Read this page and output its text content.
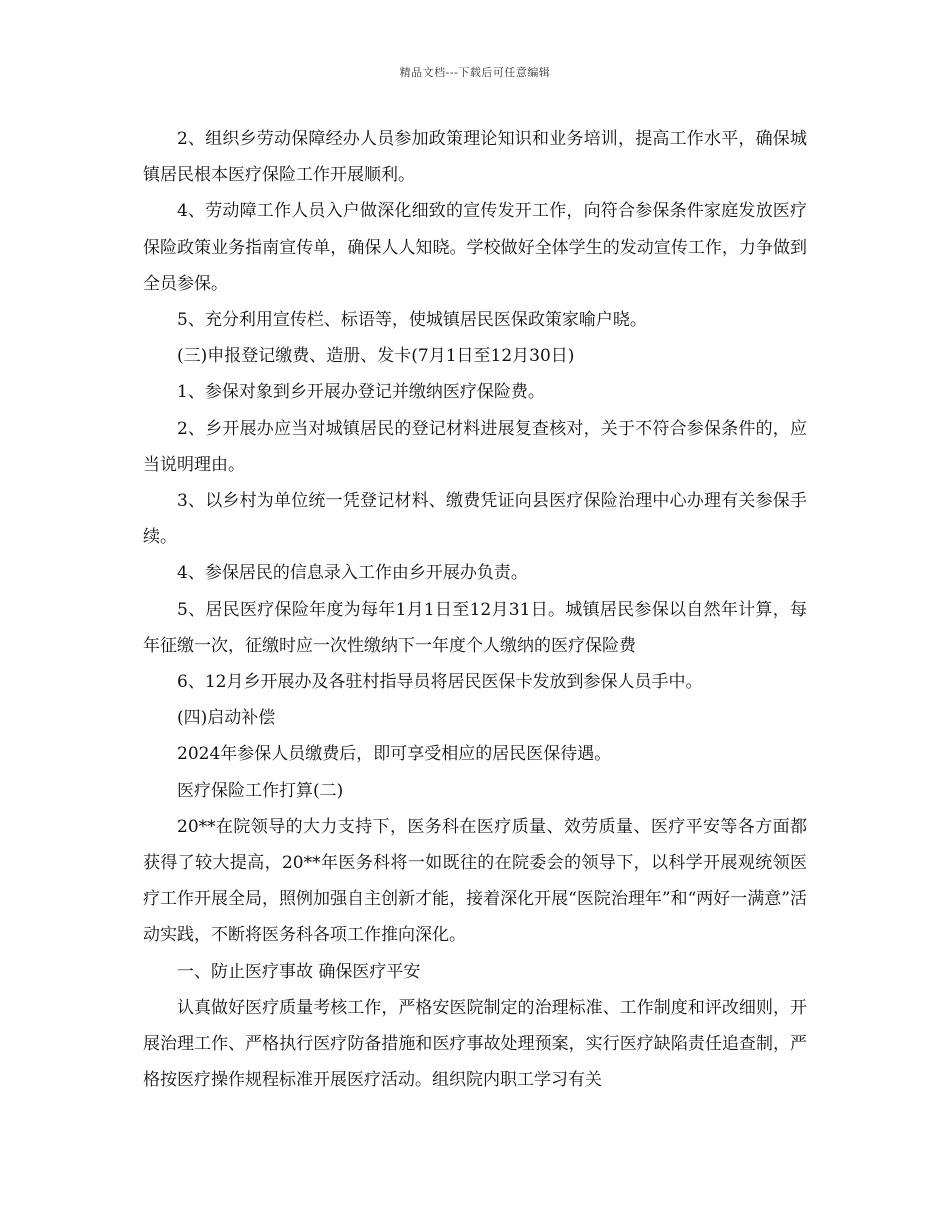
精品文档---下载后可任意编辑

2、组织乡劳动保障经办人员参加政策理论知识和业务培训，提高工作水平，确保城镇居民根本医疗保险工作开展顺利。

4、劳动障工作人员入户做深化细致的宣传发开工作，向符合参保条件家庭发放医疗保险政策业务指南宣传单，确保人人知晓。学校做好全体学生的发动宣传工作，力争做到全员参保。

5、充分利用宣传栏、标语等，使城镇居民医保政策家喻户晓。

(三)申报登记缴费、造册、发卡(7月1日至12月30日)

1、参保对象到乡开展办登记并缴纳医疗保险费。

2、乡开展办应当对城镇居民的登记材料进展复查核对，关于不符合参保条件的，应当说明理由。

3、以乡村为单位统一凭登记材料、缴费凭证向县医疗保险治理中心办理有关参保手续。

4、参保居民的信息录入工作由乡开展办负责。

5、居民医疗保险年度为每年1月1日至12月31日。城镇居民参保以自然年计算，每年征缴一次，征缴时应一次性缴纳下一年度个人缴纳的医疗保险费

6、12月乡开展办及各驻村指导员将居民医保卡发放到参保人员手中。

(四)启动补偿

2024年参保人员缴费后，即可享受相应的居民医保待遇。

医疗保险工作打算(二)

20**在院领导的大力支持下，医务科在医疗质量、效劳质量、医疗平安等各方面都获得了较大提高，20**年医务科将一如既往的在院委会的领导下，以科学开展观统领医疗工作开展全局，照例加强自主创新才能，接着深化开展“医院治理年”和“两好一满意”活动实践，不断将医务科各项工作推向深化。

一、防止医疗事故 确保医疗平安

认真做好医疗质量考核工作，严格安医院制定的治理标准、工作制度和评改细则，开展治理工作、严格执行医疗防备措施和医疗事故处理预案，实行医疗缺陷责任追查制，严格按医疗操作规程标准开展医疗活动。组织院内职工学习有关
